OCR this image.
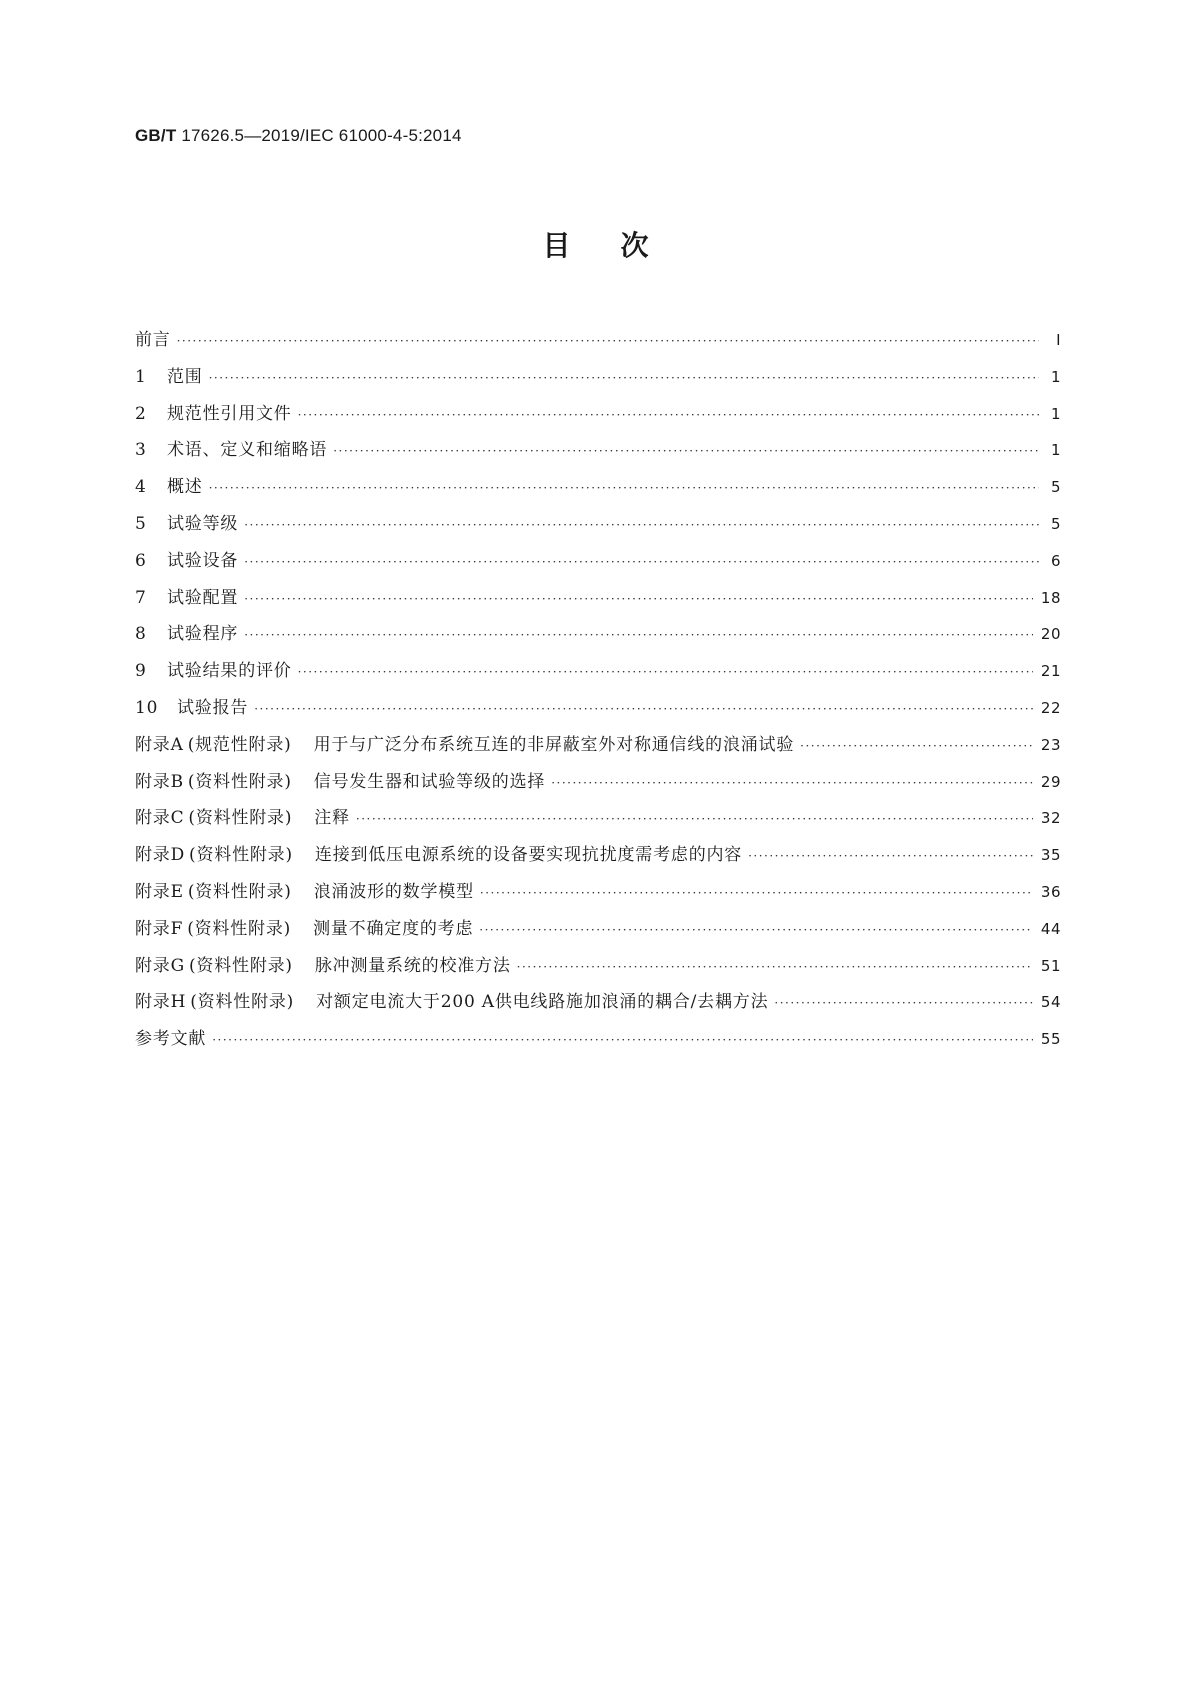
GB/T 17626.5—2019/IEC 61000-4-5:2014
目次
前言 ·····	Ⅰ
1	范围 ·····	1
2	规范性引用文件 ·····	1
3	术语、定义和缩略语 ·····	1
4	概述 ·····	5
5	试验等级 ·····	5
6	试验设备 ·····	6
7	试验配置 ·····	18
8	试验程序 ·····	20
9	试验结果的评价 ·····	21
10	试验报告 ·····	22
附录A (规范性附录) 用于与广泛分布系统互连的非屏蔽室外对称通信线的浪涌试验 ·····	23
附录B (资料性附录) 信号发生器和试验等级的选择 ·····	29
附录C (资料性附录) 注释 ·····	32
附录D (资料性附录) 连接到低压电源系统的设备要实现抗扰度需考虑的内容 ·····	35
附录E (资料性附录) 浪涌波形的数学模型 ·····	36
附录F (资料性附录) 测量不确定度的考虑 ·····	44
附录G (资料性附录) 脉冲测量系统的校准方法 ·····	51
附录H (资料性附录) 对额定电流大于200 A供电线路施加浪涌的耦合/去耦方法 ·····	54
参考文献 ·····	55
